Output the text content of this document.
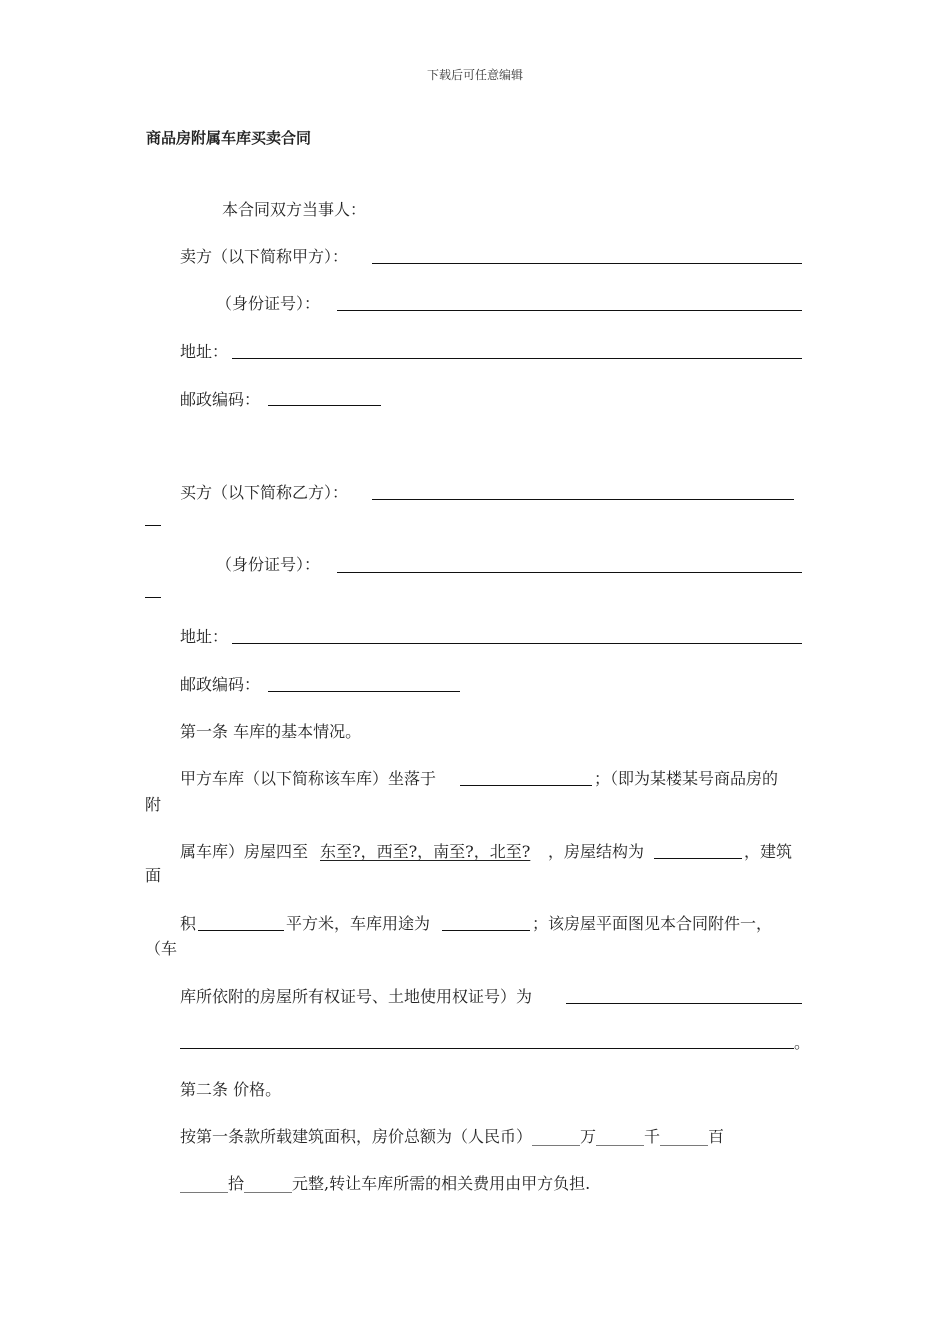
下载后可任意编辑
商品房附属车库买卖合同
本合同双方当事人：
卖方（以下简称甲方）：
（身份证号）：
地址：
邮政编码：
买方（以下简称乙方）：
（身份证号）：
地址：
邮政编码：
第一条 车库的基本情况。
甲方车库（以下简称该车库）坐落于	；（即为某楼某号商品房的
附
属车库）房屋四至 东至?，西至?，南至?，北至? ，房屋结构为	，建筑
面
积	平方米，车库用途为	；该房屋平面图见本合同附件一，
（车
库所依附的房屋所有权证号、土地使用权证号）为
。
第二条 价格。
按第一条款所载建筑面积，房价总额为（人民币）______万______千______百
______拾______元整,转让车库所需的相关费用由甲方负担.
